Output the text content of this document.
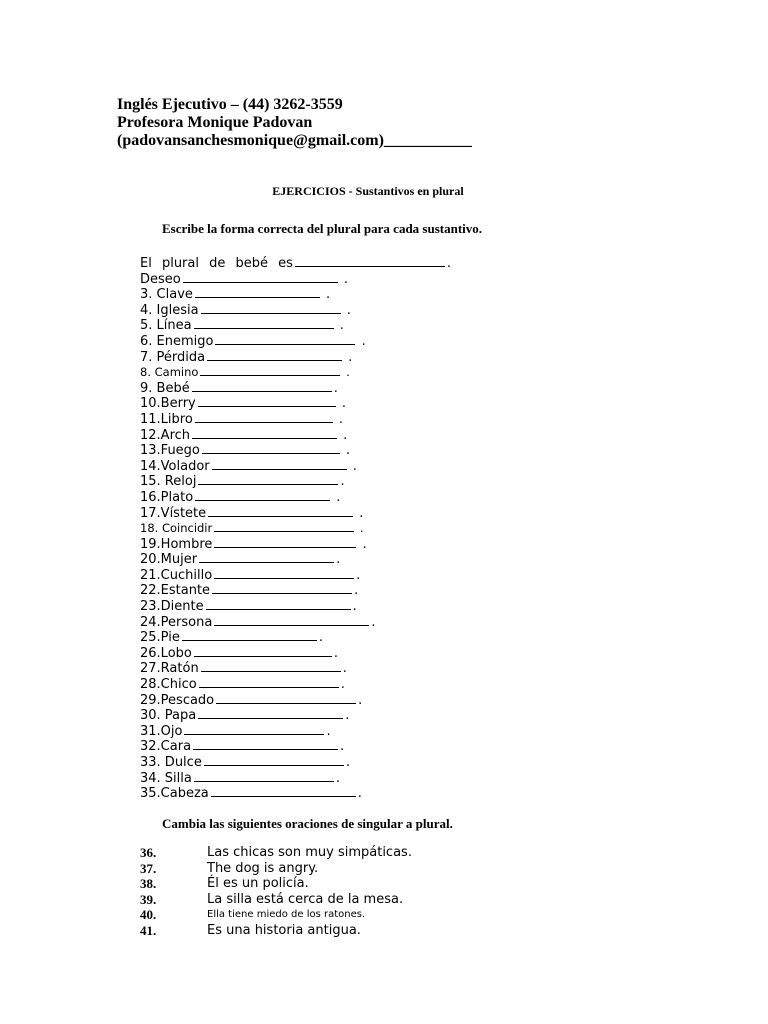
Inglés Ejecutivo – (44) 3262-3559
Profesora Monique Padovan
(padovansanchesmonique@gmail.com)___________
EJERCICIOS - Sustantivos en plural
Escribe la forma correcta del plural para cada sustantivo.
El plural de bebé es	.
Deseo	.
3. Clave	.
4. Iglesia	.
5. Línea	.
6. Enemigo	.
7. Pérdida	.
8. Camino	.
9. Bebé	.
10.Berry	.
11.Libro	.
12.Arch	.
13.Fuego	.
14.Volador	.
15. Reloj	.
16.Plato	.
17.Vístete	.
18. Coincidir	.
19.Hombre	.
20.Mujer	.
21.Cuchillo	.
22.Estante	.
23.Diente	.
24.Persona	.
25.Pie	.
26.Lobo	.
27.Ratón	.
28.Chico	.
29.Pescado	.
30. Papa	.
31.Ojo	.
32.Cara	.
33. Dulce	.
34. Silla	.
35.Cabeza	.
Cambia las siguientes oraciones de singular a plural.
36.	Las chicas son muy simpáticas.
37.	The dog is angry.
38.	Él es un policía.
39.	La silla está cerca de la mesa.
40.	Ella tiene miedo de los ratones.
41.	Es una historia antigua.
